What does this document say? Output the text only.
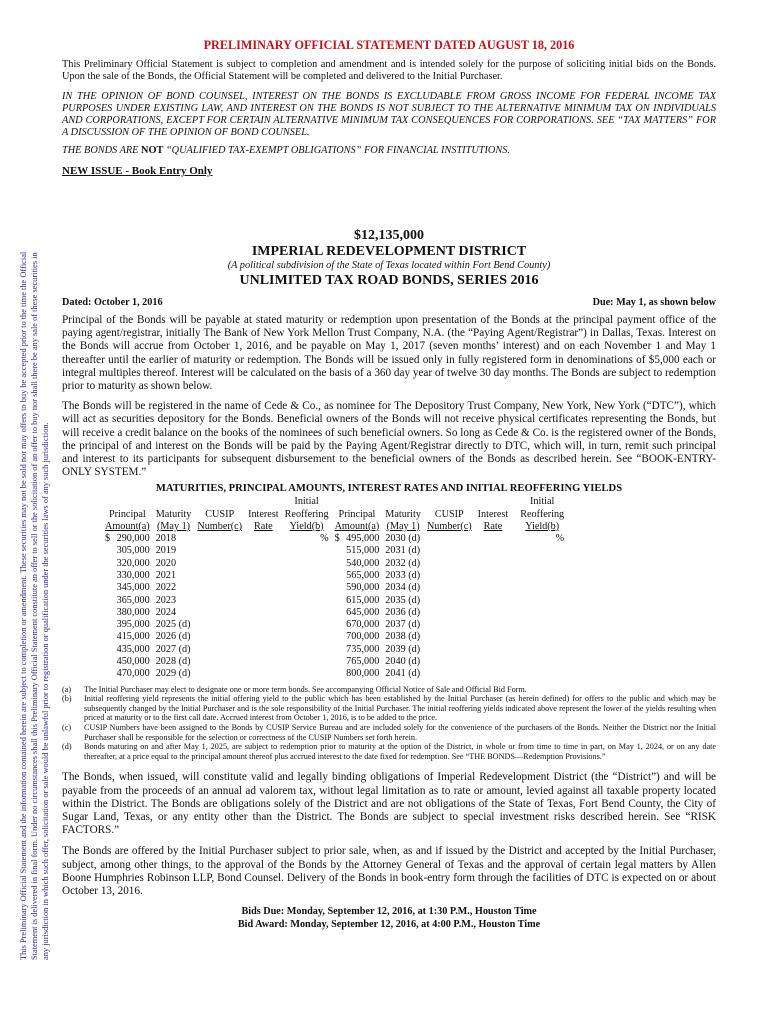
This Preliminary Official Statement and the information contained herein are subject to completion or amendment. These securities may not be sold nor may offers to buy be accepted prior to the time the Official Statement is delivered in final form. Under no circumstances shall this Preliminary Official Statement constitute an offer to sell or the solicitation of an offer to buy nor shall there be any sale of these securities in any jurisdiction in which such offer, solicitation or sale would be unlawful prior to registration or qualification under the securities laws of any such jurisdiction.

PRELIMINARY OFFICIAL STATEMENT DATED AUGUST 18, 2016

This Preliminary Official Statement is subject to completion and amendment and is intended solely for the purpose of soliciting initial bids on the Bonds. Upon the sale of the Bonds, the Official Statement will be completed and delivered to the Initial Purchaser.

IN THE OPINION OF BOND COUNSEL, INTEREST ON THE BONDS IS EXCLUDABLE FROM GROSS INCOME FOR FEDERAL INCOME TAX PURPOSES UNDER EXISTING LAW, AND INTEREST ON THE BONDS IS NOT SUBJECT TO THE ALTERNATIVE MINIMUM TAX ON INDIVIDUALS AND CORPORATIONS, EXCEPT FOR CERTAIN ALTERNATIVE MINIMUM TAX CONSEQUENCES FOR CORPORATIONS. SEE “TAX MATTERS” FOR A DISCUSSION OF THE OPINION OF BOND COUNSEL.

THE BONDS ARE NOT “QUALIFIED TAX-EXEMPT OBLIGATIONS” FOR FINANCIAL INSTITUTIONS.

NEW ISSUE - Book Entry Only

$12,135,000

IMPERIAL REDEVELOPMENT DISTRICT

(A political subdivision of the State of Texas located within Fort Bend County)

UNLIMITED TAX ROAD BONDS, SERIES 2016

Dated: October 1, 2016	Due: May 1, as shown below

Principal of the Bonds will be payable at stated maturity or redemption upon presentation of the Bonds at the principal payment office of the paying agent/registrar, initially The Bank of New York Mellon Trust Company, N.A. (the “Paying Agent/Registrar”) in Dallas, Texas. Interest on the Bonds will accrue from October 1, 2016, and be payable on May 1, 2017 (seven months’ interest) and on each November 1 and May 1 thereafter until the earlier of maturity or redemption. The Bonds will be issued only in fully registered form in denominations of $5,000 each or integral multiples thereof. Interest will be calculated on the basis of a 360 day year of twelve 30 day months. The Bonds are subject to redemption prior to maturity as shown below.

The Bonds will be registered in the name of Cede & Co., as nominee for The Depository Trust Company, New York, New York (“DTC”), which will act as securities depository for the Bonds. Beneficial owners of the Bonds will not receive physical certificates representing the Bonds, but will receive a credit balance on the books of the nominees of such beneficial owners. So long as Cede & Co. is the registered owner of the Bonds, the principal of and interest on the Bonds will be paid by the Paying Agent/Registrar directly to DTC, which will, in turn, remit such principal and interest to its participants for subsequent disbursement to the beneficial owners of the Bonds as described herein. See “BOOK-ENTRY-ONLY SYSTEM.”

MATURITIES, PRINCIPAL AMOUNTS, INTEREST RATES AND INITIAL REOFFERING YIELDS

					Initial							Initial
Principal		Maturity	CUSIP	Interest	Reoffering	Principal		Maturity	CUSIP	Interest		Reoffering
Amount(a)		(May 1)	Number(c)	Rate	Yield(b)	Amount(a)		(May 1)	Number(c)	Rate		Yield(b)
$	290,000	2018			%	$	495,000	2030 (d)				%
	305,000	2019					515,000	2031 (d)				
	320,000	2020					540,000	2032 (d)				
	330,000	2021					565,000	2033 (d)				
	345,000	2022					590,000	2034 (d)				
	365,000	2023					615,000	2035 (d)				
	380,000	2024					645,000	2036 (d)				
	395,000	2025 (d)					670,000	2037 (d)				
	415,000	2026 (d)					700,000	2038 (d)				
	435,000	2027 (d)					735,000	2039 (d)				
	450,000	2028 (d)					765,000	2040 (d)				
	470,000	2029 (d)					800,000	2041 (d)				
(a)	The Initial Purchaser may elect to designate one or more term bonds. See accompanying Official Notice of Sale and Official Bid Form.
(b)	Initial reoffering yield represents the initial offering yield to the public which has been established by the Initial Purchaser (as herein defined) for offers to the public and which may be subsequently changed by the Initial Purchaser and is the sole responsibility of the Initial Purchaser. The initial reoffering yields indicated above represent the lower of the yields resulting when priced at maturity or to the first call date. Accrued interest from October 1, 2016, is to be added to the price.
(c)	CUSIP Numbers have been assigned to the Bonds by CUSIP Service Bureau and are included solely for the convenience of the purchasers of the Bonds. Neither the District nor the Initial Purchaser shall be responsible for the selection or correctness of the CUSIP Numbers set forth herein.
(d)	Bonds maturing on and after May 1, 2025, are subject to redemption prior to maturity at the option of the District, in whole or from time to time in part, on May 1, 2024, or on any date thereafter, at a price equal to the principal amount thereof plus accrued interest to the date fixed for redemption. See “THE BONDS—Redemption Provisions.”

The Bonds, when issued, will constitute valid and legally binding obligations of Imperial Redevelopment District (the “District”) and will be payable from the proceeds of an annual ad valorem tax, without legal limitation as to rate or amount, levied against all taxable property located within the District. The Bonds are obligations solely of the District and are not obligations of the State of Texas, Fort Bend County, the City of Sugar Land, Texas, or any entity other than the District. The Bonds are subject to special investment risks described herein. See “RISK FACTORS.”

The Bonds are offered by the Initial Purchaser subject to prior sale, when, as and if issued by the District and accepted by the Initial Purchaser, subject, among other things, to the approval of the Bonds by the Attorney General of Texas and the approval of certain legal matters by Allen Boone Humphries Robinson LLP, Bond Counsel. Delivery of the Bonds in book-entry form through the facilities of DTC is expected on or about October 13, 2016.

Bids Due: Monday, September 12, 2016, at 1:30 P.M., Houston Time
Bid Award: Monday, September 12, 2016, at 4:00 P.M., Houston Time
